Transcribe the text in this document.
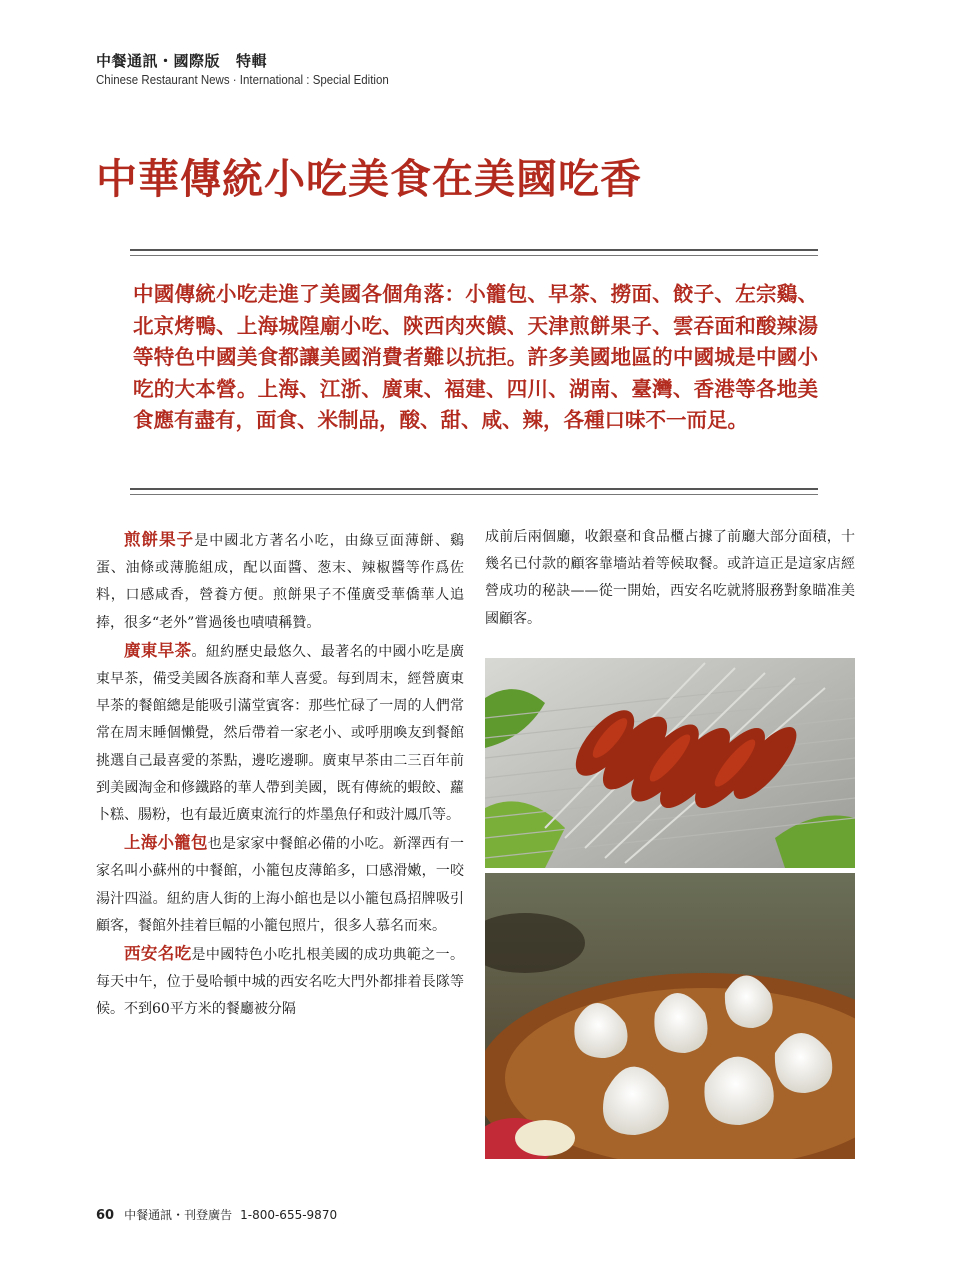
中餐通訊・國際版 特輯
Chinese Restaurant News · International : Special Edition
中華傳統小吃美食在美國吃香

中國傳統小吃走進了美國各個角落：小籠包、早茶、撈面、餃子、左宗鷄、北京烤鴨、上海城隍廟小吃、陝西肉夾饃、天津煎餅果子、雲吞面和酸辣湯等特色中國美食都讓美國消費者難以抗拒。許多美國地區的中國城是中國小吃的大本營。上海、江浙、廣東、福建、四川、湖南、臺灣、香港等各地美食應有盡有，面食、米制品，酸、甜、咸、辣，各種口味不一而足。

煎餅果子是中國北方著名小吃，由綠豆面薄餅、鷄蛋、油條或薄脆組成，配以面醬、葱末、辣椒醬等作爲佐料，口感咸香，營養方便。煎餅果子不僅廣受華僑華人追捧，很多“老外”嘗過後也嘖嘖稱贊。

廣東早茶。紐約歷史最悠久、最著名的中國小吃是廣東早茶，備受美國各族裔和華人喜愛。每到周末，經營廣東早茶的餐館總是能吸引滿堂賓客：那些忙碌了一周的人們常常在周末睡個懶覺，然后帶着一家老小、或呼朋喚友到餐館挑選自己最喜愛的茶點，邊吃邊聊。廣東早茶由二三百年前到美國淘金和修鐵路的華人帶到美國，既有傳統的蝦餃、蘿卜糕、腸粉，也有最近廣東流行的炸墨魚仔和豉汁鳳爪等。

上海小籠包也是家家中餐館必備的小吃。新澤西有一家名叫小蘇州的中餐館，小籠包皮薄餡多，口感滑嫩，一咬湯汁四溢。紐約唐人街的上海小館也是以小籠包爲招牌吸引顧客，餐館外挂着巨幅的小籠包照片，很多人慕名而來。

西安名吃是中國特色小吃扎根美國的成功典範之一。每天中午，位于曼哈頓中城的西安名吃大門外都排着長隊等候。不到60平方米的餐廳被分隔

成前后兩個廳，收銀臺和食品櫃占據了前廳大部分面積，十幾名已付款的顧客靠墻站着等候取餐。或許這正是這家店經營成功的秘訣——從一開始，西安名吃就將服務對象瞄准美國顧客。

60 中餐通訊・刊登廣告 1-800-655-9870
